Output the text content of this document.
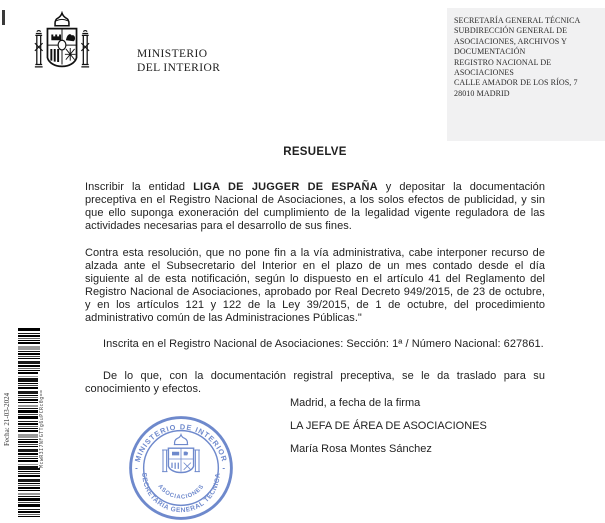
MINISTERIO
DEL INTERIOR
SECRETARÍA GENERAL TÉCNICA
SUBDIRECCIÓN GENERAL DE
ASOCIACIONES, ARCHIVOS Y
DOCUMENTACIÓN
REGISTRO NACIONAL DE
ASOCIACIONES
CALLE AMADOR DE LOS RÍOS, 7
28010 MADRID
RESUELVE

Inscribir la entidad LIGA DE JUGGER DE ESPAÑA y depositar la documentación preceptiva en el Registro Nacional de Asociaciones, a los solos efectos de publicidad, y sin que ello suponga exoneración del cumplimiento de la legalidad vigente reguladora de las actividades necesarias para el desarrollo de sus fines.

Contra esta resolución, que no pone fin a la vía administrativa, cabe interponer recurso de alzada ante el Subsecretario del Interior en el plazo de un mes contado desde el día siguiente al de esta notificación, según lo dispuesto en el artículo 41 del Reglamento del Registro Nacional de Asociaciones, aprobado por Real Decreto 949/2015, de 23 de octubre, y en los artículos 121 y 122 de la Ley 39/2015, de 1 de octubre, del procedimiento administrativo común de las Administraciones Públicas."

Inscrita en el Registro Nacional de Asociaciones: Sección: 1ª / Número Nacional: 627861.

De lo que, con la documentación registral preceptiva, se le da traslado para su conocimiento y efectos.

Madrid, a fecha de la firma

LA JEFA DE ÁREA DE ASOCIACIONES

María Rosa Montes Sánchez

Fecha: 21-03-2024	McwR3I7NFGTTg6uPCRc0g==	MINISTERIO DE INTERIOR
SECRETARIA GENERAL TECNICA
ASOCIACIONES
-	-
